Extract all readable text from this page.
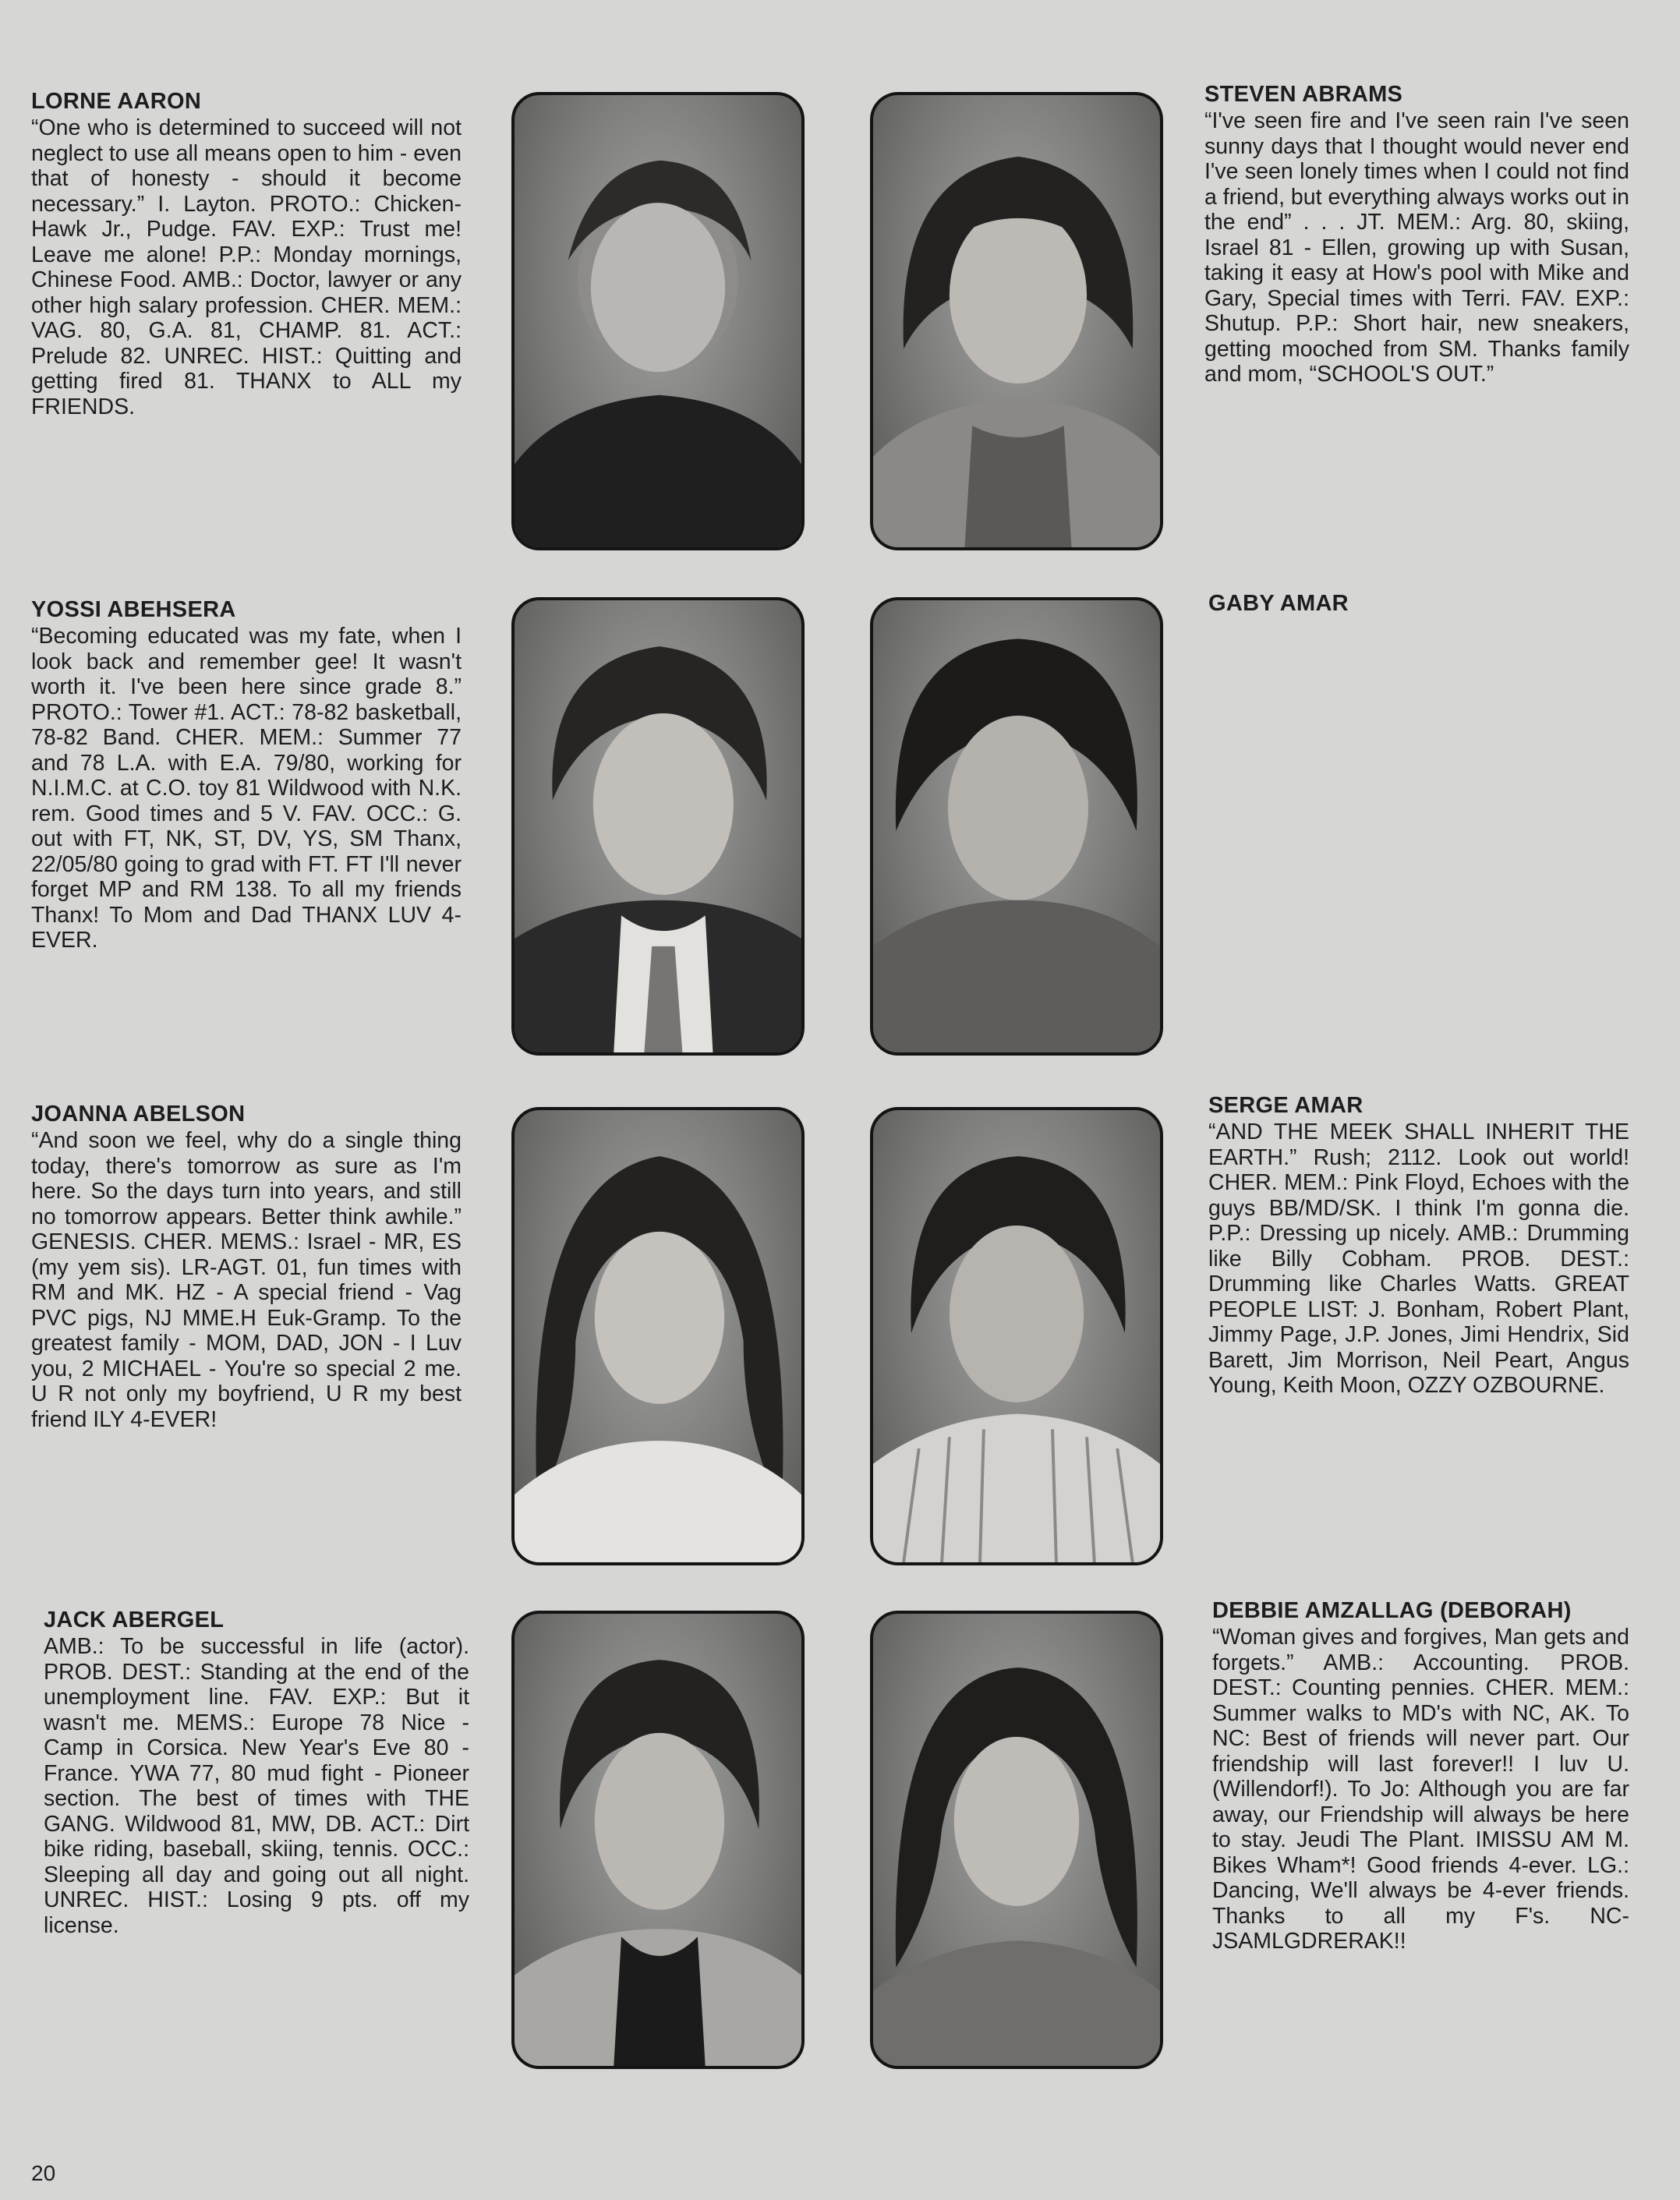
LORNE AARON

“One who is determined to succeed will not neglect to use all means open to him - even that of honesty - should it become necessary.” I. Layton. PROTO.: Chicken-Hawk Jr., Pudge. FAV. EXP.: Trust me! Leave me alone! P.P.: Monday mornings, Chinese Food. AMB.: Doctor, lawyer or any other high salary profession. CHER. MEM.: VAG. 80, G.A. 81, CHAMP. 81. ACT.: Prelude 82. UNREC. HIST.: Quitting and getting fired 81. THANX to ALL my FRIENDS.

STEVEN ABRAMS

“I've seen fire and I've seen rain I've seen sunny days that I thought would never end I've seen lonely times when I could not find a friend, but everything always works out in the end” . . . JT. MEM.: Arg. 80, skiing, Israel 81 - Ellen, growing up with Susan, taking it easy at How's pool with Mike and Gary, Special times with Terri. FAV. EXP.: Shutup. P.P.: Short hair, new sneakers, getting mooched from SM. Thanks family and mom, “SCHOOL'S OUT.”

YOSSI ABEHSERA

“Becoming educated was my fate, when I look back and remember gee! It wasn't worth it. I've been here since grade 8.” PROTO.: Tower #1. ACT.: 78-82 basketball, 78-82 Band. CHER. MEM.: Summer 77 and 78 L.A. with E.A. 79/80, working for N.I.M.C. at C.O. toy 81 Wildwood with N.K. rem. Good times and 5 V. FAV. OCC.: G. out with FT, NK, ST, DV, YS, SM Thanx, 22/05/80 going to grad with FT. FT I'll never forget MP and RM 138. To all my friends Thanx! To Mom and Dad THANX LUV 4-EVER.

GABY AMAR

JOANNA ABELSON

“And soon we feel, why do a single thing today, there's tomorrow as sure as I'm here. So the days turn into years, and still no tomorrow appears. Better think awhile.” GENESIS. CHER. MEMS.: Israel - MR, ES (my yem sis). LR-AGT. 01, fun times with RM and MK. HZ - A special friend - Vag PVC pigs, NJ MME.H Euk-Gramp. To the greatest family - MOM, DAD, JON - I Luv you, 2 MICHAEL - You're so special 2 me. U R not only my boyfriend, U R my best friend ILY 4-EVER!

SERGE AMAR

“AND THE MEEK SHALL INHERIT THE EARTH.” Rush; 2112. Look out world! CHER. MEM.: Pink Floyd, Echoes with the guys BB/MD/SK. I think I'm gonna die. P.P.: Dressing up nicely. AMB.: Drumming like Billy Cobham. PROB. DEST.: Drumming like Charles Watts. GREAT PEOPLE LIST: J. Bonham, Robert Plant, Jimmy Page, J.P. Jones, Jimi Hendrix, Sid Barett, Jim Morrison, Neil Peart, Angus Young, Keith Moon, OZZY OZBOURNE.

JACK ABERGEL

AMB.: To be successful in life (actor). PROB. DEST.: Standing at the end of the unemployment line. FAV. EXP.: But it wasn't me. MEMS.: Europe 78 Nice - Camp in Corsica. New Year's Eve 80 - France. YWA 77, 80 mud fight - Pioneer section. The best of times with THE GANG. Wildwood 81, MW, DB. ACT.: Dirt bike riding, baseball, skiing, tennis. OCC.: Sleeping all day and going out all night. UNREC. HIST.: Losing 9 pts. off my license.

DEBBIE AMZALLAG (DEBORAH)

“Woman gives and forgives, Man gets and forgets.” AMB.: Accounting. PROB. DEST.: Counting pennies. CHER. MEM.: Summer walks to MD's with NC, AK. To NC: Best of friends will never part. Our friendship will last forever!! I luv U. (Willendorf!). To Jo: Although you are far away, our Friendship will always be here to stay. Jeudi The Plant. IMISSU AM M. Bikes Wham*! Good friends 4-ever. LG.: Dancing, We'll always be 4-ever friends. Thanks to all my F's. NC-JSAMLGDRERAK!!

20
